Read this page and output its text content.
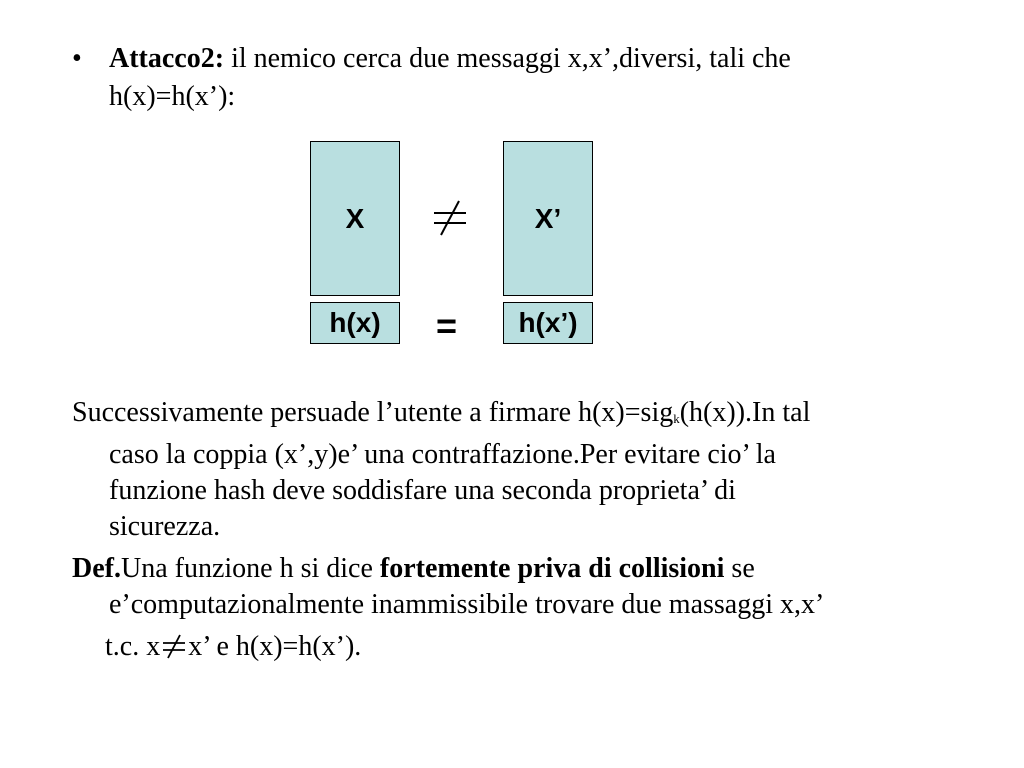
• Attacco2: il nemico cerca due messaggi x,x’,diversi, tali che
h(x)=h(x’):
X	X’
h(x) = h(x’)
Successivamente persuade l’utente a firmare h(x)=sig$_k$(h(x)).In tal
caso la coppia (x’,y)e’ una contraffazione.Per evitare cio’ la
funzione hash deve soddisfare una seconda proprieta’ di
sicurezza.
Def.Una funzione h si dice fortemente priva di collisioni se
e’computazionalmente inammissibile trovare due massaggi x,x’
t.c. x x’ e h(x)=h(x’).
